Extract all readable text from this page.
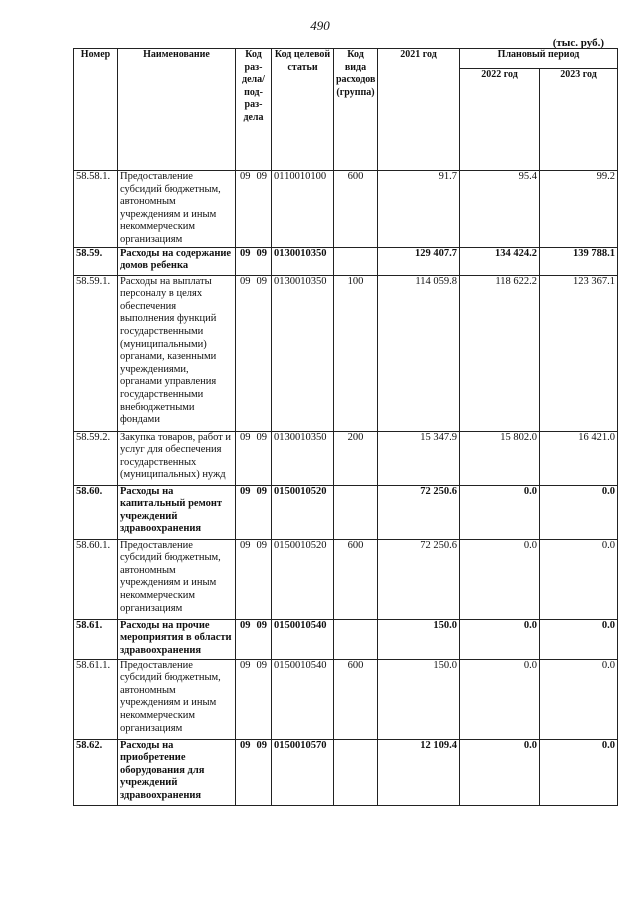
490
(тыс. руб.)
Номер	Наименование	Код раз-дела/ под-раз-дела	Код целевой статьи	Код вида расходов (группа)	2021 год	Плановый период	
						2022 год	2023 год
58.58.1.	Предоставление субсидий бюджетным, автономным учреждениям и иным некоммерческим организациям	09 09	0110010100	600	91.7	95.4	99.2
58.59.	Расходы на содержание домов ребенка	09 09	0130010350		129 407.7	134 424.2	139 788.1
58.59.1.	Расходы на выплаты персоналу в целях обеспечения выполнения функций государственными (муниципальными) органами, казенными учреждениями, органами управления государственными внебюджетными фондами	09 09	0130010350	100	114 059.8	118 622.2	123 367.1
58.59.2.	Закупка товаров, работ и услуг для обеспечения государственных (муниципальных) нужд	09 09	0130010350	200	15 347.9	15 802.0	16 421.0
58.60.	Расходы на капитальный ремонт учреждений здравоохранения	09 09	0150010520		72 250.6	0.0	0.0
58.60.1.	Предоставление субсидий бюджетным, автономным учреждениям и иным некоммерческим организациям	09 09	0150010520	600	72 250.6	0.0	0.0
58.61.	Расходы на прочие мероприятия в области здравоохранения	09 09	0150010540		150.0	0.0	0.0
58.61.1.	Предоставление субсидий бюджетным, автономным учреждениям и иным некоммерческим организациям	09 09	0150010540	600	150.0	0.0	0.0
58.62.	Расходы на приобретение оборудования для учреждений здравоохранения	09 09	0150010570		12 109.4	0.0	0.0
